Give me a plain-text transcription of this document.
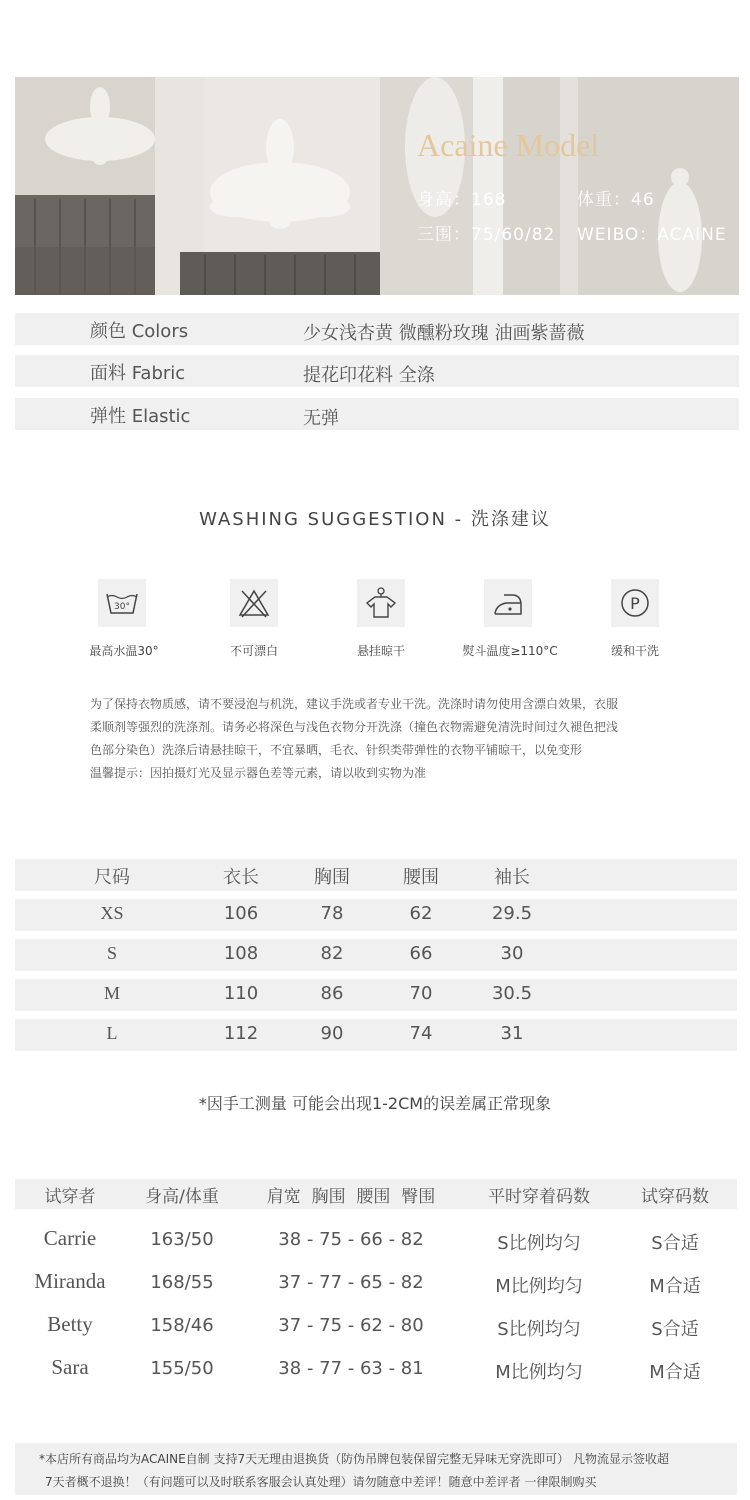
Acaine Model
身高：168	体重：46
三围：75/60/82 WEIBO：ACAINE
颜色 Colors	少女浅杏黄 微醺粉玫瑰 油画紫蔷薇
面料 Fabric	提花印花料 全涤
弹性 Elastic	无弹
WASHING SUGGESTION - 洗涤建议
30°	P
最高水温30°	不可漂白	悬挂晾干	熨斗温度≥110°C	缓和干洗

为了保持衣物质感，请不要浸泡与机洗，建议手洗或者专业干洗。洗涤时请勿使用含漂白效果，衣服

柔顺剂等强烈的洗涤剂。请务必将深色与浅色衣物分开洗涤（撞色衣物需避免清洗时间过久褪色把浅

色部分染色）洗涤后请悬挂晾干，不宜暴晒，毛衣、针织类带弹性的衣物平铺晾干，以免变形

温馨提示：因拍摄灯光及显示器色差等元素，请以收到实物为准

尺码	衣长	胸围	腰围	袖长
XS	106	78	62	29.5
S	108	82	66	30
M	110	86	70	30.5
L	112	90	74	31
*因手工测量 可能会出现1-2CM的误差属正常现象
试穿者	身高/体重	肩宽  胸围  腰围  臀围	平时穿着码数	试穿码数
Carrie	163/50	38 - 75 - 66 - 82	S比例均匀	S合适
Miranda	168/55	37 - 77 - 65 - 82	M比例均匀	M合适
Betty	158/46	37 - 75 - 62 - 80	S比例均匀	S合适
Sara	155/50	38 - 77 - 63 - 81	M比例均匀	M合适

*本店所有商品均为ACAINE自制 支持7天无理由退换货（防伪吊牌包装保留完整无异味无穿洗即可） 凡物流显示签收超

7天者概不退换！（有问题可以及时联系客服会认真处理）请勿随意中差评！随意中差评者 一律限制购买
